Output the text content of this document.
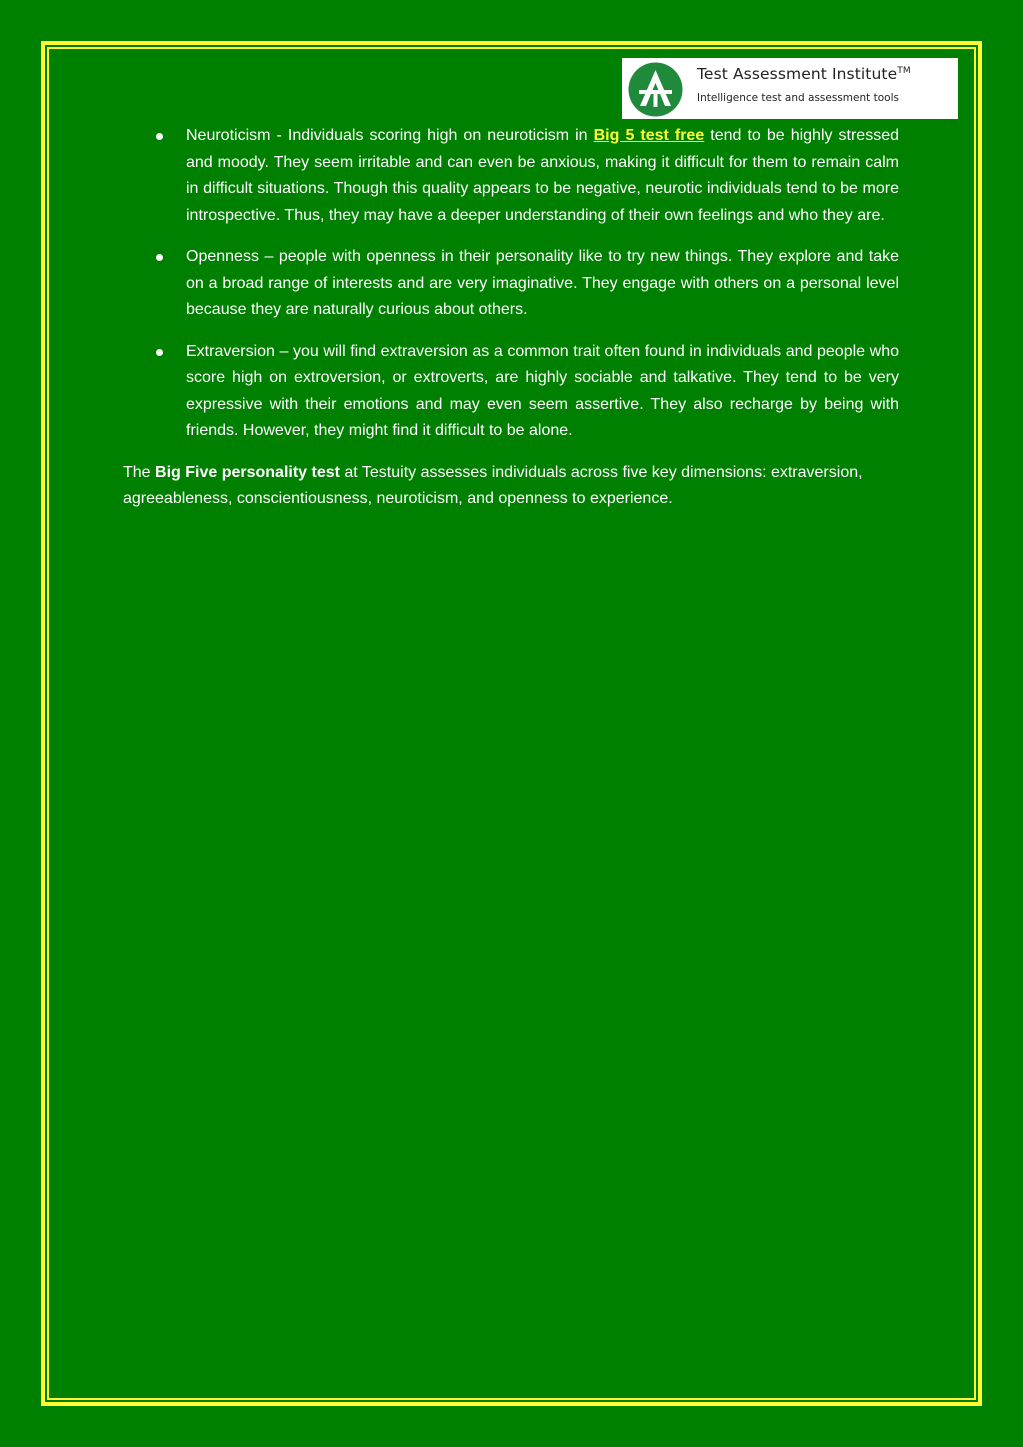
Test Assessment Institute™
Intelligence test and assessment tools
Neuroticism - Individuals scoring high on neuroticism in Big 5 test free tend to be highly stressed and moody. They seem irritable and can even be anxious, making it difficult for them to remain calm in difficult situations. Though this quality appears to be negative, neurotic individuals tend to be more introspective. Thus, they may have a deeper understanding of their own feelings and who they are.
Openness – people with openness in their personality like to try new things. They explore and take on a broad range of interests and are very imaginative. They engage with others on a personal level because they are naturally curious about others.
Extraversion – you will find extraversion as a common trait often found in individuals and people who score high on extroversion, or extroverts, are highly sociable and talkative. They tend to be very expressive with their emotions and may even seem assertive. They also recharge by being with friends. However, they might find it difficult to be alone.

The Big Five personality test at Testuity assesses individuals across five key dimensions: extraversion, agreeableness, conscientiousness, neuroticism, and openness to experience.
